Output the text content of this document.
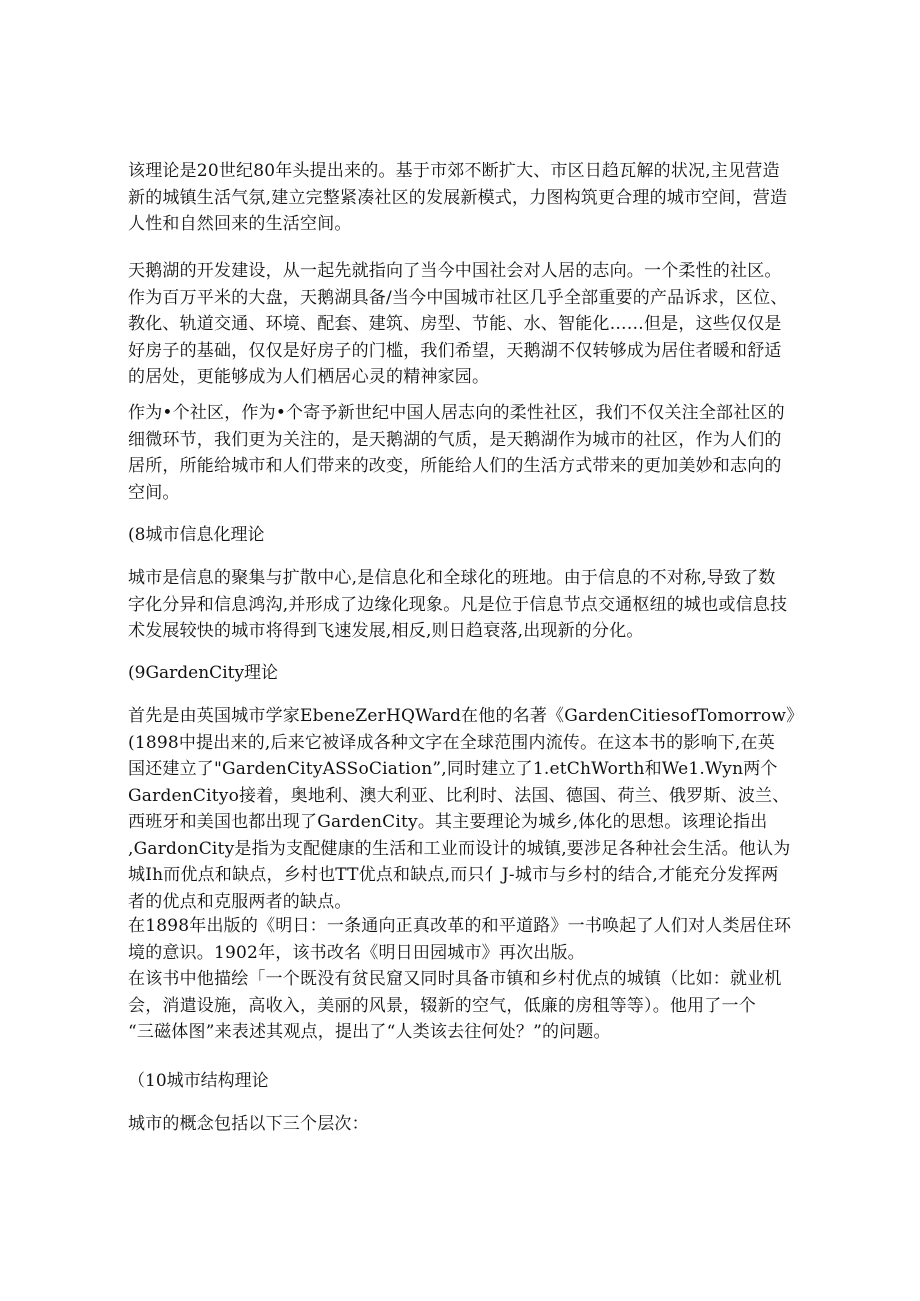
该理论是20世纪80年头提出来的。基于市郊不断扩大、市区日趋瓦解的状况,主见营造
新的城镇生活气氛,建立完整紧凑社区的发展新模式，力图构筑更合理的城市空间，营造
人性和自然回来的生活空间。
天鹅湖的开发建设，从一起先就指向了当今中国社会对人居的志向。一个柔性的社区。
作为百万平米的大盘，天鹅湖具备/当今中国城市社区几乎全部重要的产品诉求，区位、
教化、轨道交通、环境、配套、建筑、房型、节能、水、智能化……但是，这些仅仅是
好房子的基础，仅仅是好房子的门槛，我们希望，天鹅湖不仅转够成为居住者暖和舒适
的居处，更能够成为人们栖居心灵的精神家园。
作为•个社区，作为•个寄予新世纪中国人居志向的柔性社区，我们不仅关注全部社区的
细微环节，我们更为关注的，是天鹅湖的气质，是天鹅湖作为城市的社区，作为人们的
居所，所能给城市和人们带来的改变，所能给人们的生活方式带来的更加美妙和志向的
空间。
(8城市信息化理论
城市是信息的聚集与扩散中心,是信息化和全球化的班地。由于信息的不对称,导致了数
字化分异和信息鸿沟,并形成了边缘化现象。凡是位于信息节点交通枢纽的城也或信息技
术发展较快的城市将得到飞速发展,相反,则日趋衰落,出现新的分化。
(9GardenCity理论
首先是由英国城市学家EbeneZerHQWard在他的名著《GardenCitiesofTomorrow》
(1898中提出来的,后来它被译成各种文字在全球范围内流传。在这本书的影响下,在英
国还建立了"GardenCityASSoCiation”,同时建立了1.etChWorth和We1.Wyn两个
GardenCityo接着，奥地利、澳大利亚、比利时、法国、德国、荷兰、俄罗斯、波兰、
西班牙和美国也都出现了GardenCity。其主要理论为城乡,体化的思想。该理论指出
,GardonCity是指为支配健康的生活和工业而设计的城镇,要涉足各种社会生活。他认为
城Ih而优点和缺点，乡村也TT优点和缺点,而只亻J-城市与乡村的结合,才能充分发挥两
者的优点和克服两者的缺点。
在1898年出版的《明日：一条通向正真改革的和平道路》一书唤起了人们对人类居住环
境的意识。1902年，该书改名《明日田园城市》再次出版。
在该书中他描绘「一个既没有贫民窟又同时具备市镇和乡村优点的城镇（比如：就业机
会，消遣设施，高收入，美丽的风景，辍新的空气，低廉的房租等等）。他用了一个
“三磁体图”来表述其观点，提出了“人类该去往何处？”的问题。
（10城市结构理论
城市的概念包括以下三个层次：
